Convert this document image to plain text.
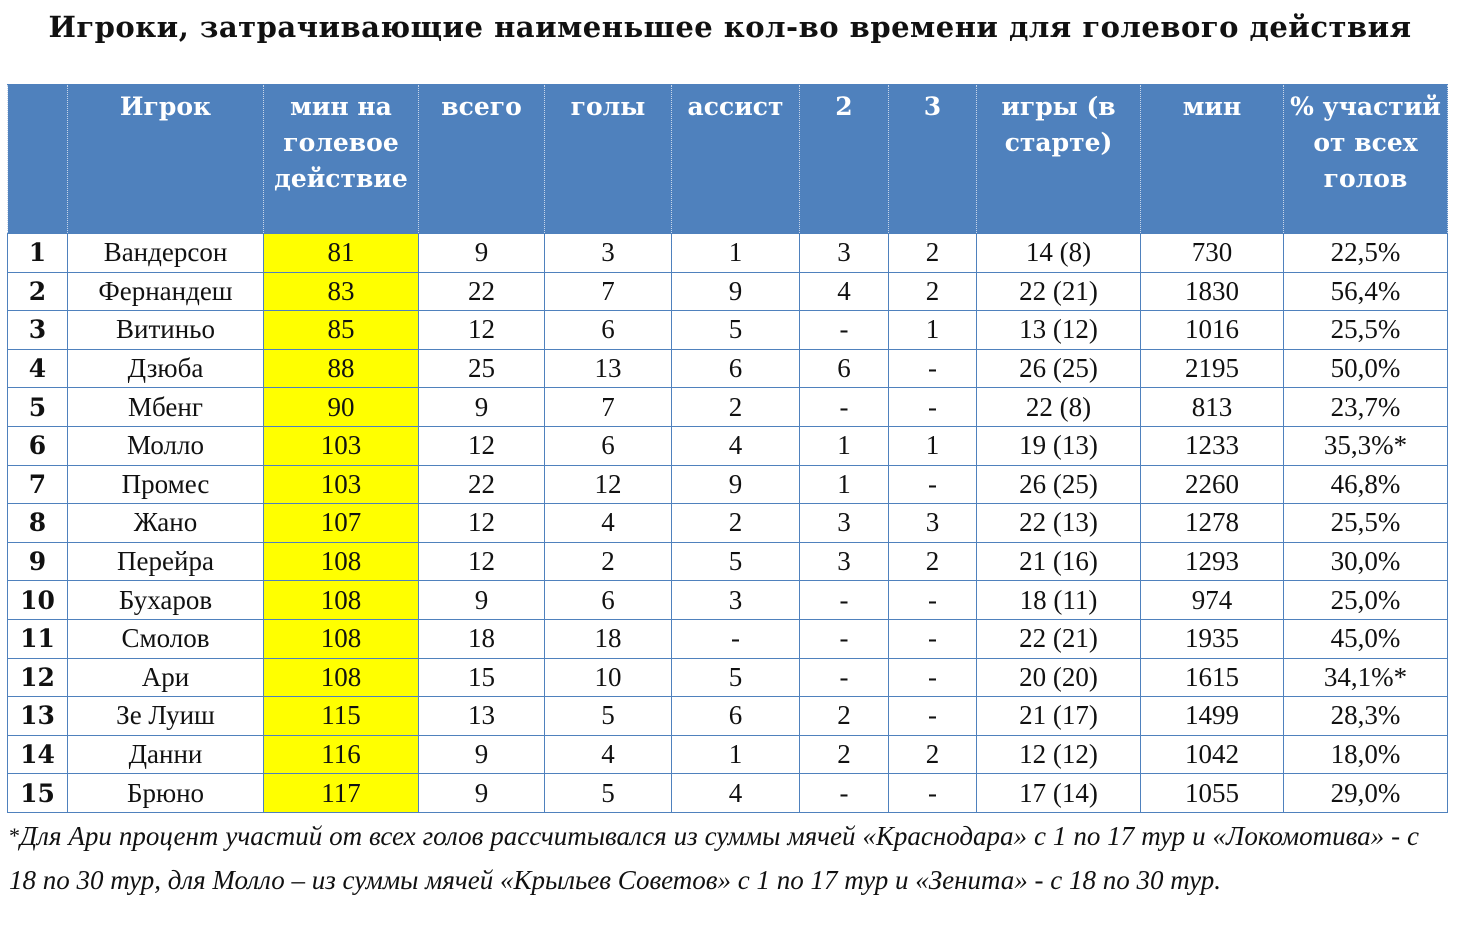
Игроки, затрачивающие наименьшее кол-во времени для голевого действия
	Игрок	мин на голевое действие	всего	голы	ассист	2	3	игры (в старте)	мин	% участий от всех голов
1	Вандерсон	81	9	3	1	3	2	14 (8)	730	22,5%
2	Фернандеш	83	22	7	9	4	2	22 (21)	1830	56,4%
3	Витиньо	85	12	6	5	-	1	13 (12)	1016	25,5%
4	Дзюба	88	25	13	6	6	-	26 (25)	2195	50,0%
5	Мбенг	90	9	7	2	-	-	22 (8)	813	23,7%
6	Молло	103	12	6	4	1	1	19 (13)	1233	35,3%*
7	Промес	103	22	12	9	1	-	26 (25)	2260	46,8%
8	Жано	107	12	4	2	3	3	22 (13)	1278	25,5%
9	Перейра	108	12	2	5	3	2	21 (16)	1293	30,0%
10	Бухаров	108	9	6	3	-	-	18 (11)	974	25,0%
11	Смолов	108	18	18	-	-	-	22 (21)	1935	45,0%
12	Ари	108	15	10	5	-	-	20 (20)	1615	34,1%*
13	Зе Луиш	115	13	5	6	2	-	21 (17)	1499	28,3%
14	Данни	116	9	4	1	2	2	12 (12)	1042	18,0%
15	Брюно	117	9	5	4	-	-	17 (14)	1055	29,0%
*Для Ари процент участий от всех голов рассчитывался из суммы мячей «Краснодара» с 1 по 17 тур и «Локомотива» - с 18 по 30 тур, для Молло – из суммы мячей «Крыльев Советов» с 1 по 17 тур и «Зенита» - с 18 по 30 тур.
